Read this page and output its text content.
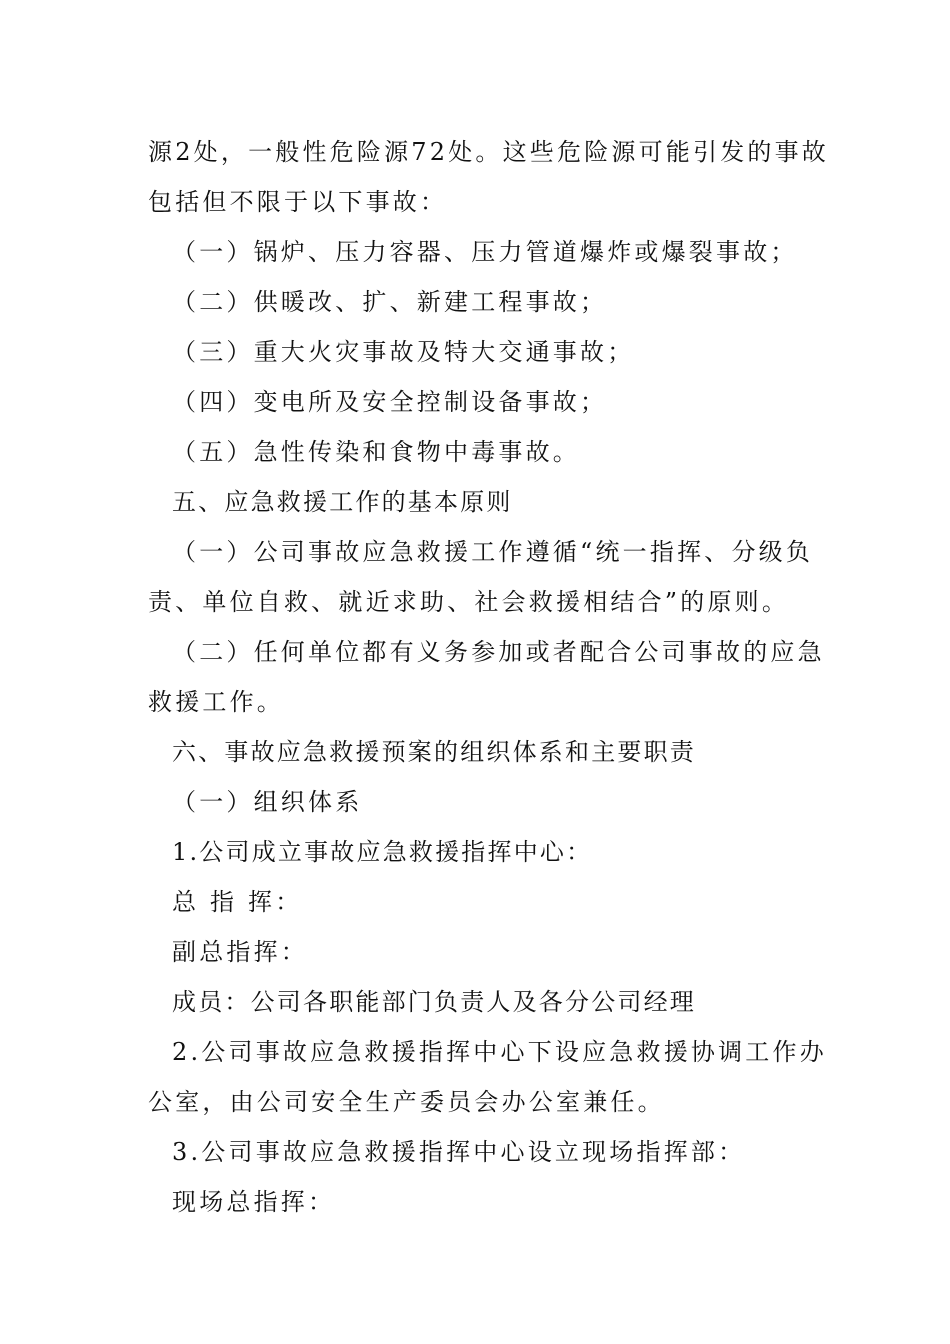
源2处，一般性危险源72处。这些危险源可能引发的事故
包括但不限于以下事故：
（一）锅炉、压力容器、压力管道爆炸或爆裂事故；
（二）供暖改、扩、新建工程事故；
（三）重大火灾事故及特大交通事故；
（四）变电所及安全控制设备事故；
（五）急性传染和食物中毒事故。
五、应急救援工作的基本原则
（一）公司事故应急救援工作遵循“统一指挥、分级负
责、单位自救、就近求助、社会救援相结合”的原则。
（二）任何单位都有义务参加或者配合公司事故的应急
救援工作。
六、事故应急救援预案的组织体系和主要职责
（一）组织体系
1.公司成立事故应急救援指挥中心：
总 指 挥：
副总指挥：
成员：公司各职能部门负责人及各分公司经理
2.公司事故应急救援指挥中心下设应急救援协调工作办
公室，由公司安全生产委员会办公室兼任。
3.公司事故应急救援指挥中心设立现场指挥部：
现场总指挥：
